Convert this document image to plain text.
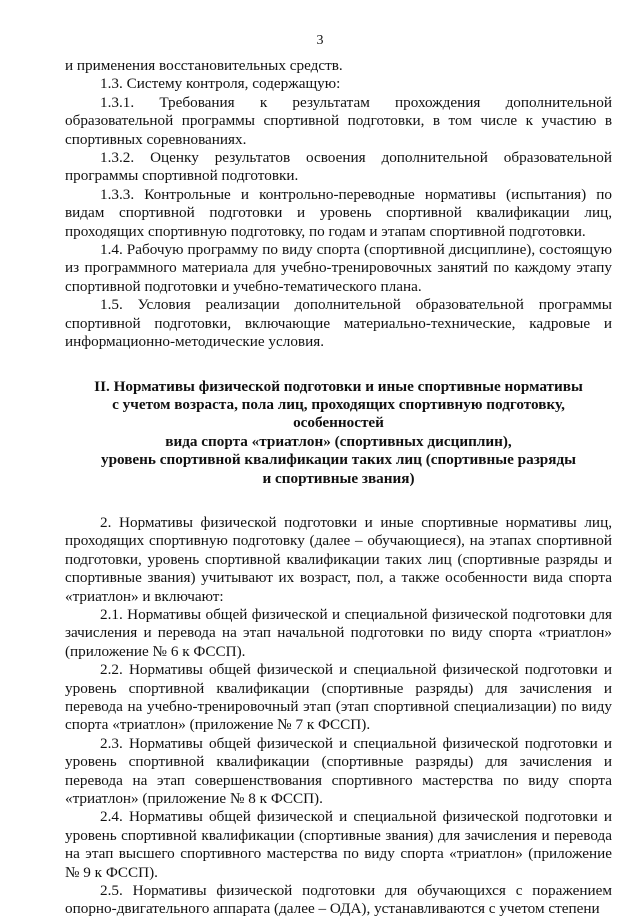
3

и применения восстановительных средств.

1.3. Систему контроля, содержащую:

1.3.1. Требования к результатам прохождения дополнительной образовательной программы спортивной подготовки, в том числе к участию в спортивных соревнованиях.

1.3.2. Оценку результатов освоения дополнительной образовательной программы спортивной подготовки.

1.3.3. Контрольные и контрольно-переводные нормативы (испытания) по видам спортивной подготовки и уровень спортивной квалификации лиц, проходящих спортивную подготовку, по годам и этапам спортивной подготовки.

1.4. Рабочую программу по виду спорта (спортивной дисциплине), состоящую из программного материала для учебно-тренировочных занятий по каждому этапу спортивной подготовки и учебно-тематического плана.

1.5. Условия реализации дополнительной образовательной программы спортивной подготовки, включающие материально-технические, кадровые и информационно-методические условия.

II. Нормативы физической подготовки и иные спортивные нормативы
с учетом возраста, пола лиц, проходящих спортивную подготовку, особенностей
вида спорта «триатлон» (спортивных дисциплин),
уровень спортивной квалификации таких лиц (спортивные разряды
и спортивные звания)

2. Нормативы физической подготовки и иные спортивные нормативы лиц, проходящих спортивную подготовку (далее – обучающиеся), на этапах спортивной подготовки, уровень спортивной квалификации таких лиц (спортивные разряды и спортивные звания) учитывают их возраст, пол, а также особенности вида спорта «триатлон» и включают:

2.1. Нормативы общей физической и специальной физической подготовки для зачисления и перевода на этап начальной подготовки по виду спорта «триатлон» (приложение № 6 к ФССП).

2.2. Нормативы общей физической и специальной физической подготовки и уровень спортивной квалификации (спортивные разряды) для зачисления и перевода на учебно-тренировочный этап (этап спортивной специализации) по виду спорта «триатлон» (приложение № 7 к ФССП).

2.3. Нормативы общей физической и специальной физической подготовки и уровень спортивной квалификации (спортивные разряды) для зачисления и перевода на этап совершенствования спортивного мастерства по виду спорта «триатлон» (приложение № 8 к ФССП).

2.4. Нормативы общей физической и специальной физической подготовки и уровень спортивной квалификации (спортивные звания) для зачисления и перевода на этап высшего спортивного мастерства по виду спорта «триатлон» (приложение № 9 к ФССП).

2.5. Нормативы физической подготовки для обучающихся с поражением опорно-двигательного аппарата (далее – ОДА), устанавливаются с учетом степени
